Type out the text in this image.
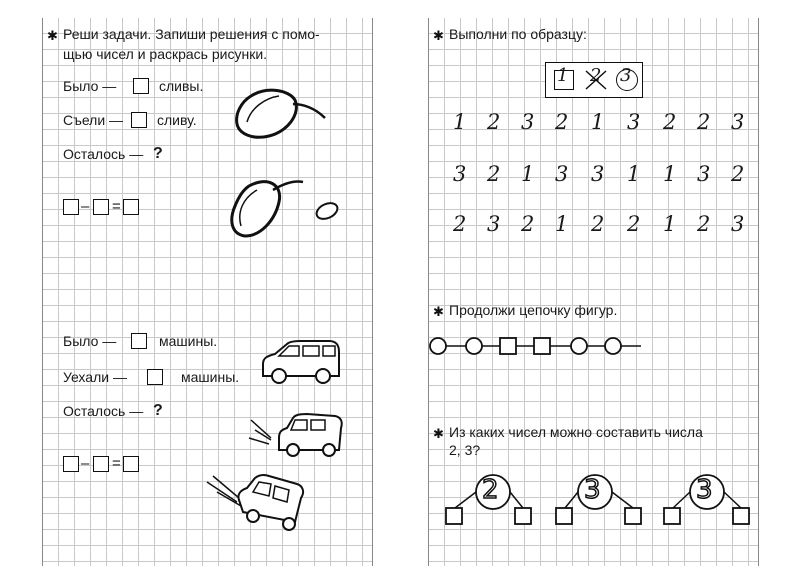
✱ Реши задачи. Запиши решения с помо-
щью чисел и раскрась рисунки.
Было —	сливы.
Съели — сливу.
Осталось — ?
– =
Было —	машины.
Уехали —	машины.
Осталось — ?
– =
✱ Выполни по образцу:
1 2 3
1 2 3 2 1 3 2 2 3
3 2 1 3 3 1 1 3 2
2 3 2 1 2 2 1 2 3
✱ Продолжи цепочку фигур.
✱ Из каких чисел можно составить числа
2, 3?
2	3	3
